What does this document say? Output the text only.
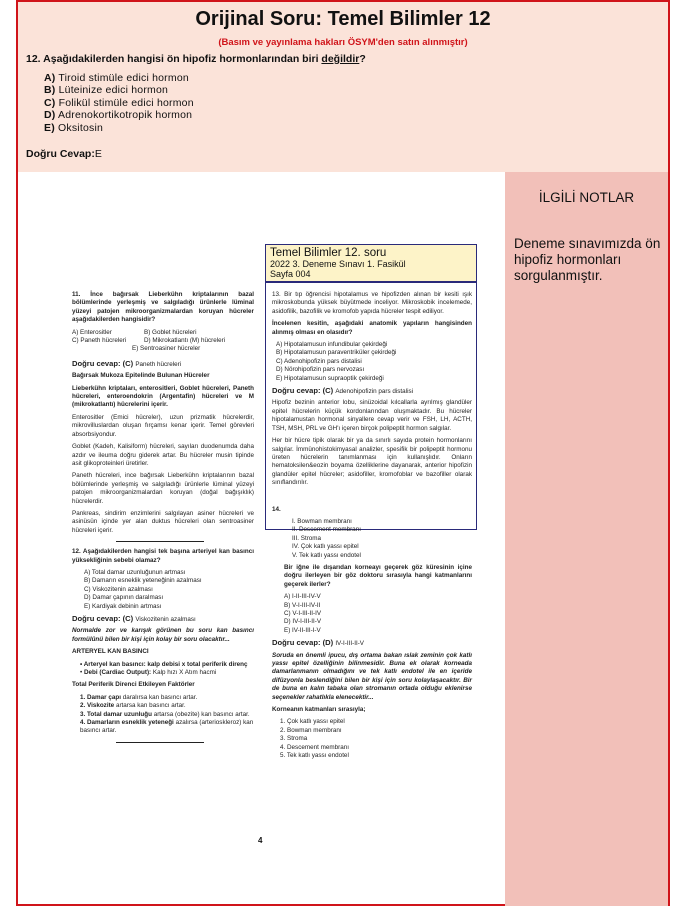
Orijinal Soru: Temel Bilimler 12
(Basım ve yayınlama hakları ÖSYM'den satın alınmıştır)
12. Aşağıdakilerden hangisi ön hipofiz hormonlarından biri değildir?
A) Tiroid stimüle edici hormon
B) Lüteinize edici hormon
C) Folikül stimüle edici hormon
D) Adrenokortikotropik hormon
E) Oksitosin
Doğru Cevap:E
İLGİLİ NOTLAR
Deneme sınavımızda ön hipofiz hormonları sorgulanmıştır.

11. İnce bağırsak Lieberkühn kriptalarının bazal bölümlerinde yerleşmiş ve salgıladığı ürünlerle lüminal yüzeyi patojen mikroorganizmalardan koruyan hücreler aşağıdakilerden hangisidir?

A) Enterositler	B) Goblet hücreleri
C) Paneth hücreleri	D) Mikrokatlantı (M) hücreleri
E) Sentroasiner hücreler
Doğru cevap: (C) Paneth hücreleri

Bağırsak Mukoza Epitelinde Bulunan Hücreler

Lieberkühn kriptaları, enterositleri, Goblet hücreleri, Paneth hücreleri, enteroendokrin (Argentafin) hücreleri ve M (mikrokatlantı) hücrelerini içerir.

Enterositler (Emici hücreler), uzun prizmatik hücrelerdir, mikrovilluslardan oluşan fırçamsı kenar içerir. Temel görevleri absorbsiyondur.

Goblet (Kadeh, Kalisiform) hücreleri, sayıları duodenumda daha azdır ve ileuma doğru giderek artar. Bu hücreler musin tipinde asit glikoproteinleri üretirler.

Paneth hücreleri, ince bağırsak Lieberkühn kriptalarının bazal bölümlerinde yerleşmiş ve salgıladığı ürünlerle lüminal yüzeyi patojen mikroorganizmalardan koruyan (doğal bağışıklık) hücrelerdir.

Pankreas, sindirim enzimlerini salgılayan asiner hücreleri ve asinüsün içinde yer alan duktus hücreleri olan sentroasiner hücreleri içerir.

12. Aşağıdakilerden hangisi tek başına arteriyel kan basıncı yüksekliğinin sebebi olamaz?

A) Total damar uzunluğunun artması
B) Damarın esneklik yeteneğinin azalması
C) Viskozitenin azalması
D) Damar çapının daralması
E) Kardiyak debinin artması
Doğru cevap: (C) Viskozitenin azalması

Normalde zor ve karışık görünen bu soru kan basıncı formülünü bilen bir kişi için kolay bir soru olacaktır...

ARTERYEL KAN BASINCI

• Arteryel kan basıncı: kalp debisi x total periferik direnç
• Debi (Cardiac Output): Kalp hızı X Atım hacmi

Total Periferik Direnci Etkileyen Faktörler

1. Damar çapı daralırsa kan basıncı artar.
2. Viskozite artarsa kan basıncı artar.
3. Total damar uzunluğu artarsa (obezite) kan basıncı artar.
4. Damarların esneklik yeteneği azalırsa (arterioskleroz) kan basıncı artar.
Temel Bilimler 12. soru
2022 3. Deneme Sınavı 1. Fasikül
Sayfa 004

13. Bir tıp öğrencisi hipotalamus ve hipofizden alınan bir kesiti ışık mikroskobunda yüksek büyütmede inceliyor. Mikroskobik incelemede, asidofilik, bazofilik ve kromofob yapıda hücreler tespit ediliyor.

İncelenen kesitin, aşağıdaki anatomik yapıların hangisinden alınmış olması en olasıdır?

A) Hipotalamusun infundibular çekirdeği
B) Hipotalamusun paraventriküler çekirdeği
C) Adenohipofizin pars distalisi
D) Nörohipofizin pars nervozası
E) Hipotalamusun supraoptik çekirdeği
Doğru cevap: (C) Adenohipofizin pars distalisi

Hipofiz bezinin anterior lobu, sinüzoidal kılcallarla ayrılmış glandüler epitel hücrelerin küçük kordonlarından oluşmaktadır. Bu hücreler hipotalamustan hormonal sinyallere cevap verir ve FSH, LH, ACTH, TSH, MSH, PRL ve GH'ı içeren birçok polipeptit hormon salgılar.

Her bir hücre tipik olarak bir ya da sınırlı sayıda protein hormonlarını salgılar. İmmünohistokimyasal analizler, spesifik bir polipeptit hormonu üreten hücrelerin tanımlanması için kullanışlıdır. Onların hematoksilen&eozin boyama özelliklerine dayanarak, anterior hipofizin glandüler epitel hücreler; asidofiller, kromofoblar ve bazofiller olarak sınıflandırılır.

14.

I. Bowman membranı
II. Descement membranı
III. Stroma
IV. Çok katlı yassı epitel
V. Tek katlı yassı endotel

Bir iğne ile dışarıdan korneayı geçerek göz küresinin içine doğru ilerleyen bir göz doktoru sırasıyla hangi katmanlarını geçerek ilerler?

A) I-II-III-IV-V
B) V-I-III-IV-II
C) V-I-III-II-IV
D) IV-I-III-II-V
E) IV-II-III-I-V
Doğru cevap: (D) IV-I-III-II-V

Soruda en önemli ipucu, dış ortama bakan ıslak zeminin çok katlı yassı epitel özelliğinin bilinmesidir. Buna ek olarak korneada damarlanmanın olmadığını ve tek katlı endotel ile en içeride difüzyonla beslendiğini bilen bir kişi için soru kolaylaşacaktır. Bir de buna en kalın tabaka olan stromanın ortada olduğu eklenirse seçenekler rahatlıkla elenecektir...

Korneanın katmanları sırasıyla;

1. Çok katlı yassı epitel
2. Bowman membranı
3. Stroma
4. Descement membranı
5. Tek katlı yassı endotel
4
